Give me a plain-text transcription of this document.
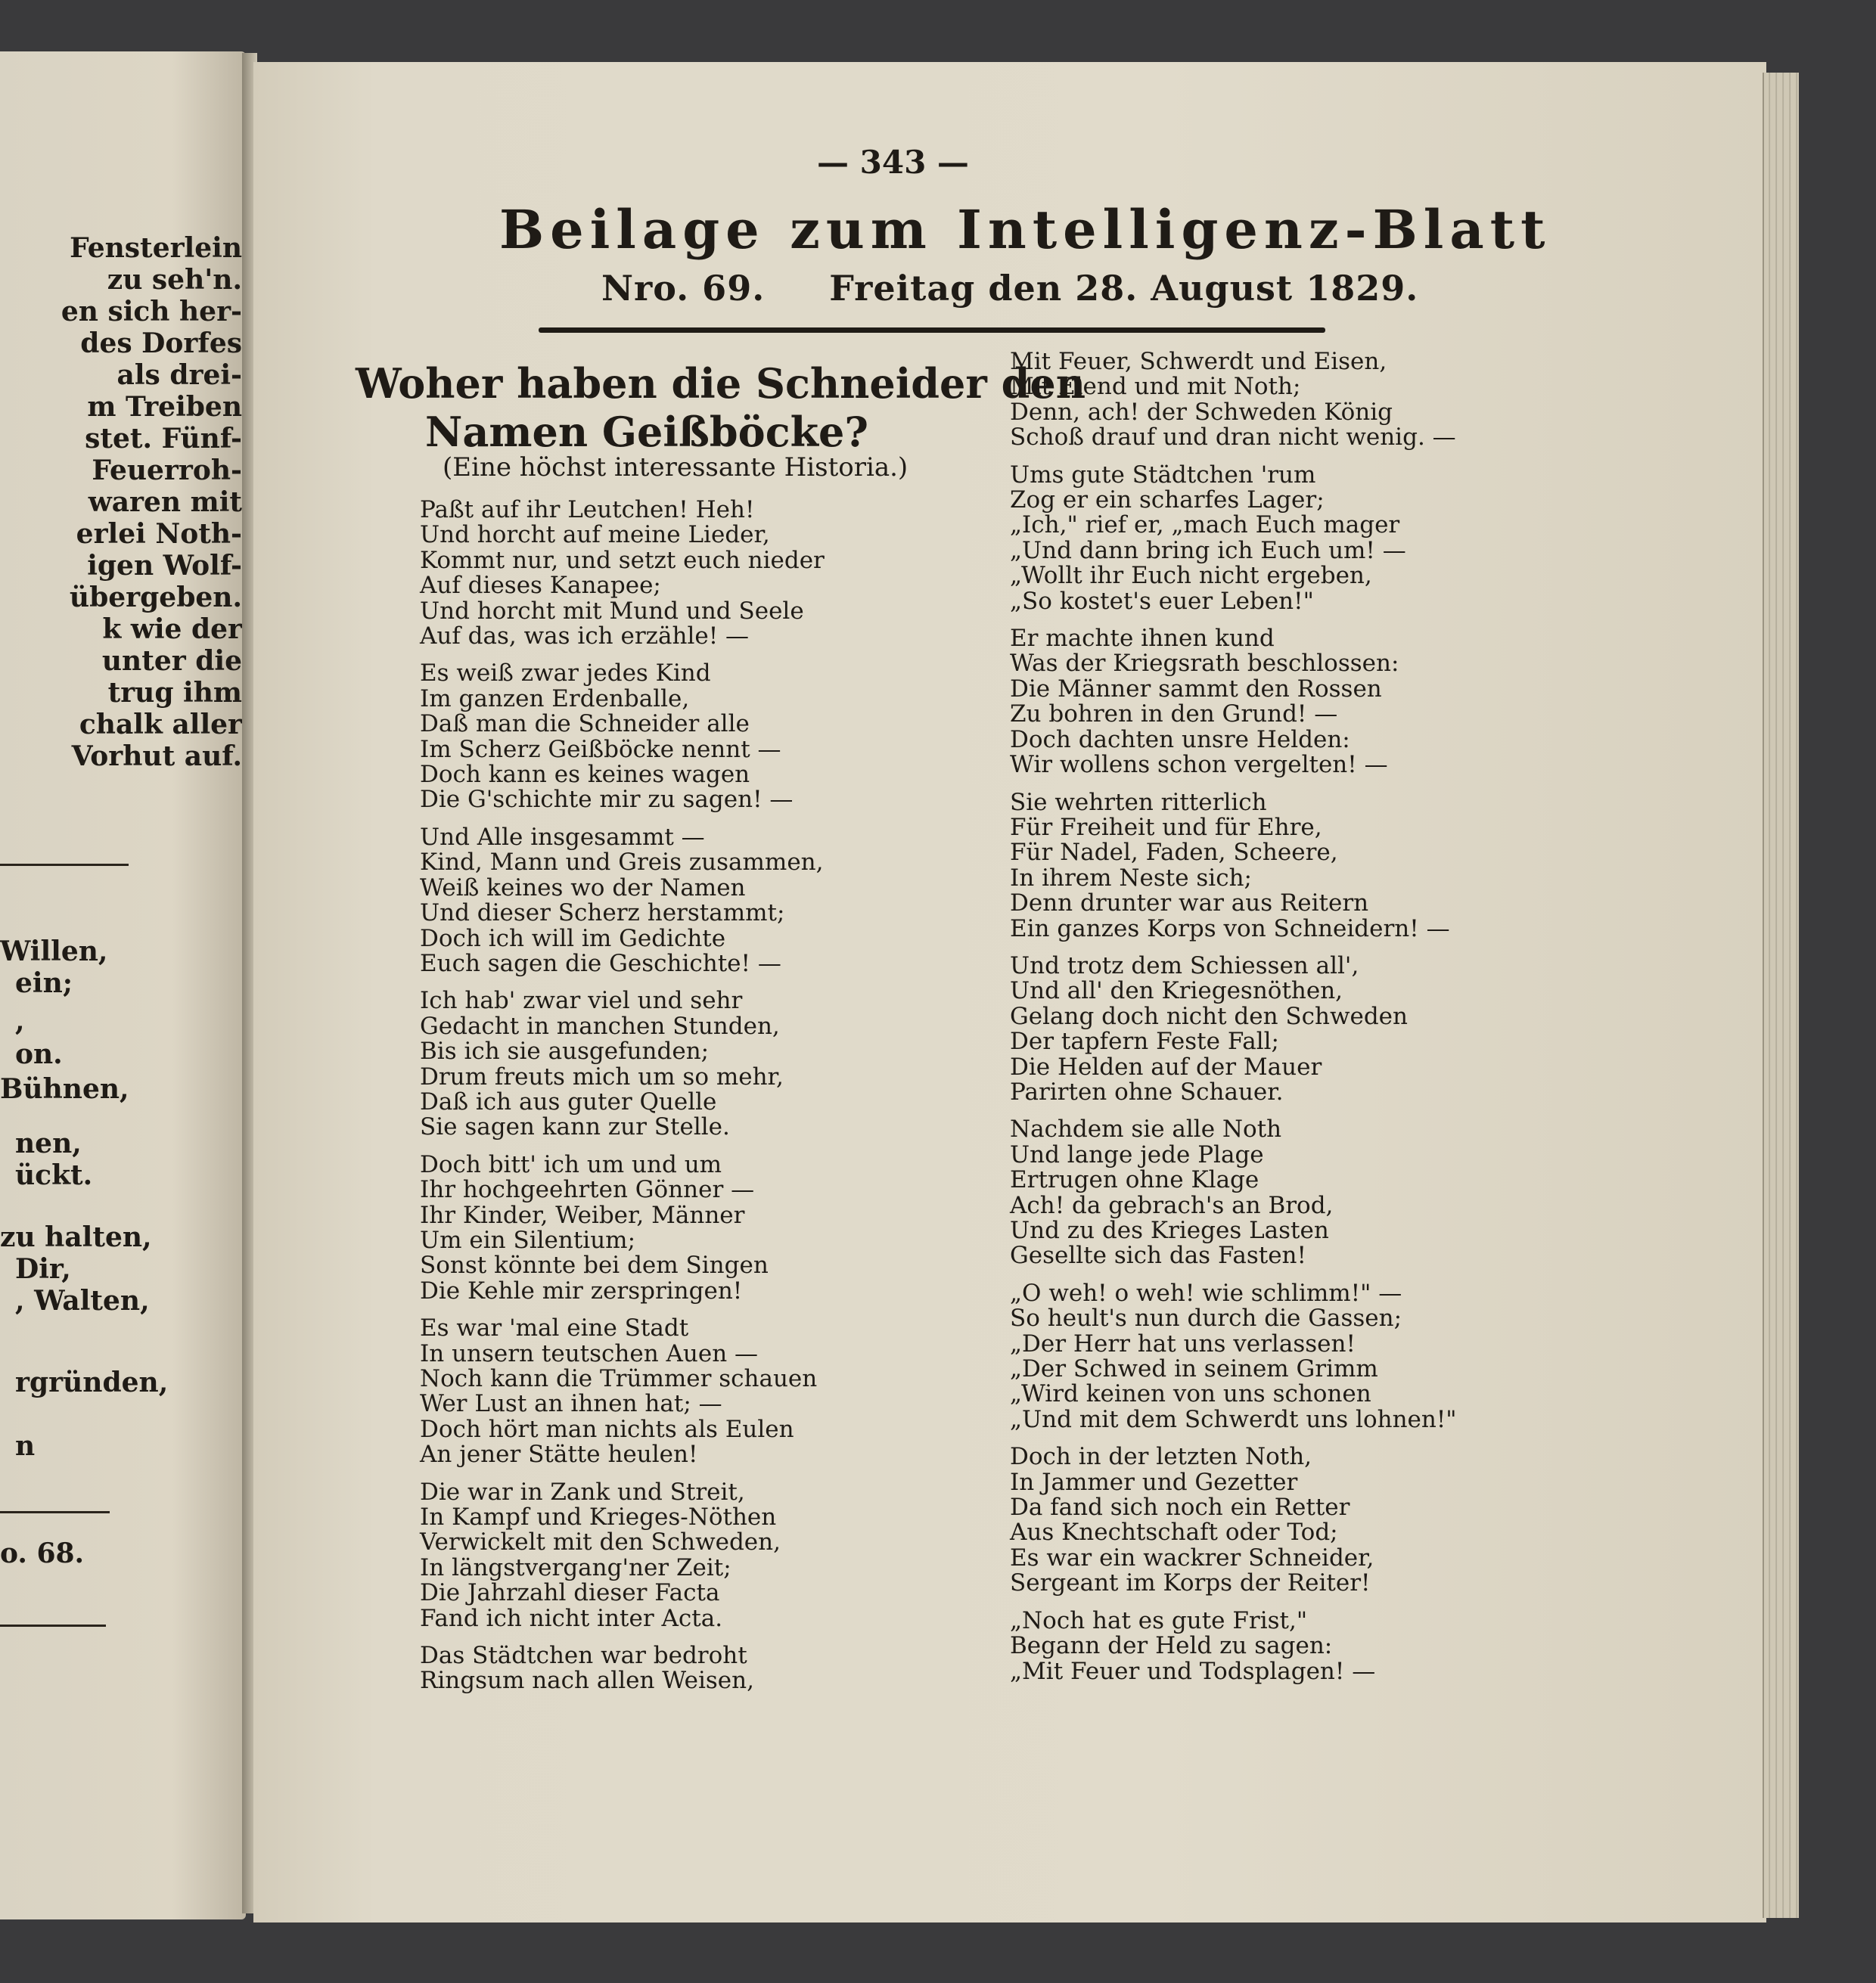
Fensterlein
zu seh'n.
en sich her-
des Dorfes
als drei-
m Treiben
stet. Fünf-
Feuerroh-
waren mit
erlei Noth-
igen Wolf-
übergeben.
k wie der
unter die
trug ihm
chalk aller
Vorhut auf.
Willen,
ein;
,
on.
Bühnen,
nen,
ückt.
zu halten,
Dir,
, Walten,
rgründen,
n
o. 68.
— 343 —
Beilage zum Intelligenz-Blatt
Nro. 69. Freitag den 28. August 1829.
Woher haben die Schneider den
Namen Geißböcke?
(Eine höchst interessante Historia.)
Paßt auf ihr Leutchen! Heh!
Und horcht auf meine Lieder,
Kommt nur, und setzt euch nieder
Auf dieses Kanapee;
Und horcht mit Mund und Seele
Auf das, was ich erzähle! —
Es weiß zwar jedes Kind
Im ganzen Erdenballe,
Daß man die Schneider alle
Im Scherz Geißböcke nennt —
Doch kann es keines wagen
Die G'schichte mir zu sagen! —
Und Alle insgesammt —
Kind, Mann und Greis zusammen,
Weiß keines wo der Namen
Und dieser Scherz herstammt;
Doch ich will im Gedichte
Euch sagen die Geschichte! —
Ich hab' zwar viel und sehr
Gedacht in manchen Stunden,
Bis ich sie ausgefunden;
Drum freuts mich um so mehr,
Daß ich aus guter Quelle
Sie sagen kann zur Stelle.
Doch bitt' ich um und um
Ihr hochgeehrten Gönner —
Ihr Kinder, Weiber, Männer
Um ein Silentium;
Sonst könnte bei dem Singen
Die Kehle mir zerspringen!
Es war 'mal eine Stadt
In unsern teutschen Auen —
Noch kann die Trümmer schauen
Wer Lust an ihnen hat; —
Doch hört man nichts als Eulen
An jener Stätte heulen!
Die war in Zank und Streit,
In Kampf und Krieges-Nöthen
Verwickelt mit den Schweden,
In längstvergang'ner Zeit;
Die Jahrzahl dieser Facta
Fand ich nicht inter Acta.
Das Städtchen war bedroht
Ringsum nach allen Weisen,
Mit Feuer, Schwerdt und Eisen,
Mit Elend und mit Noth;
Denn, ach! der Schweden König
Schoß drauf und dran nicht wenig. —
Ums gute Städtchen 'rum
Zog er ein scharfes Lager;
„Ich," rief er, „mach Euch mager
„Und dann bring ich Euch um! —
„Wollt ihr Euch nicht ergeben,
„So kostet's euer Leben!"
Er machte ihnen kund
Was der Kriegsrath beschlossen:
Die Männer sammt den Rossen
Zu bohren in den Grund! —
Doch dachten unsre Helden:
Wir wollens schon vergelten! —
Sie wehrten ritterlich
Für Freiheit und für Ehre,
Für Nadel, Faden, Scheere,
In ihrem Neste sich;
Denn drunter war aus Reitern
Ein ganzes Korps von Schneidern! —
Und trotz dem Schiessen all',
Und all' den Kriegesnöthen,
Gelang doch nicht den Schweden
Der tapfern Feste Fall;
Die Helden auf der Mauer
Parirten ohne Schauer.
Nachdem sie alle Noth
Und lange jede Plage
Ertrugen ohne Klage
Ach! da gebrach's an Brod,
Und zu des Krieges Lasten
Gesellte sich das Fasten!
„O weh! o weh! wie schlimm!" —
So heult's nun durch die Gassen;
„Der Herr hat uns verlassen!
„Der Schwed in seinem Grimm
„Wird keinen von uns schonen
„Und mit dem Schwerdt uns lohnen!"
Doch in der letzten Noth,
In Jammer und Gezetter
Da fand sich noch ein Retter
Aus Knechtschaft oder Tod;
Es war ein wackrer Schneider,
Sergeant im Korps der Reiter!
„Noch hat es gute Frist,"
Begann der Held zu sagen:
„Mit Feuer und Todsplagen! —
